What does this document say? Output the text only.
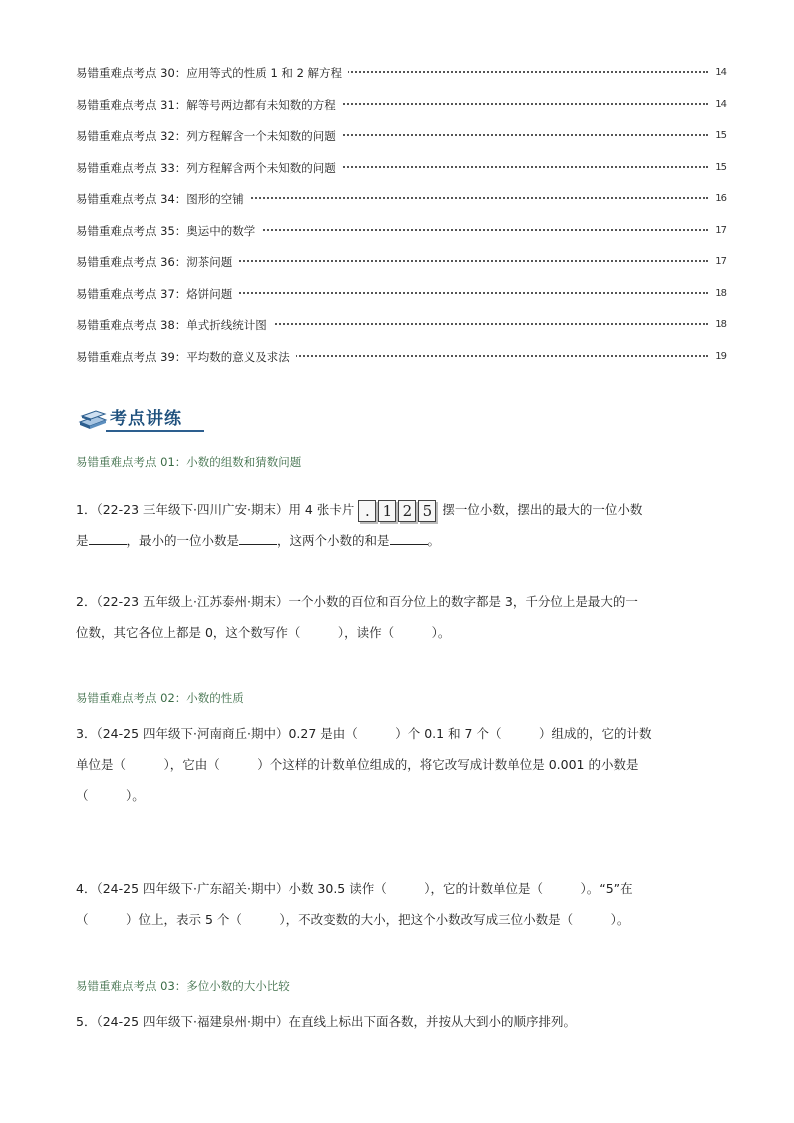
易错重难点考点 30：应用等式的性质 1 和 2 解方程	14
易错重难点考点 31：解等号两边都有未知数的方程	14
易错重难点考点 32：列方程解含一个未知数的问题	15
易错重难点考点 33：列方程解含两个未知数的问题	15
易错重难点考点 34：图形的空铺	16
易错重难点考点 35：奥运中的数学	17
易错重难点考点 36：沏茶问题	17
易错重难点考点 37：烙饼问题	18
易错重难点考点 38：单式折线统计图	18
易错重难点考点 39：平均数的意义及求法	19
考点讲练
易错重难点考点 01：小数的组数和猜数问题
1．（22-23 三年级下·四川广安·期末）用 4 张卡片 . 1 2 5 摆一位小数，摆出的最大的一位小数
是	，最小的一位小数是	，这两个小数的和是	。
2．（22-23 五年级上·江苏泰州·期末）一个小数的百位和百分位上的数字都是 3，千分位上是最大的一
位数，其它各位上都是 0，这个数写作（　　　），读作（　　　）。
易错重难点考点 02：小数的性质
3．（24-25 四年级下·河南商丘·期中）0.27 是由（　　　）个 0.1 和 7 个（　　　）组成的，它的计数
单位是（　　　），它由（　　　）个这样的计数单位组成的，将它改写成计数单位是 0.001 的小数是
（　　　）。
4．（24-25 四年级下·广东韶关·期中）小数 30.5 读作（　　　），它的计数单位是（　　　）。“5”在
（　　　）位上，表示 5 个（　　　），不改变数的大小，把这个小数改写成三位小数是（　　　）。
易错重难点考点 03：多位小数的大小比较
5．（24-25 四年级下·福建泉州·期中）在直线上标出下面各数，并按从大到小的顺序排列。
